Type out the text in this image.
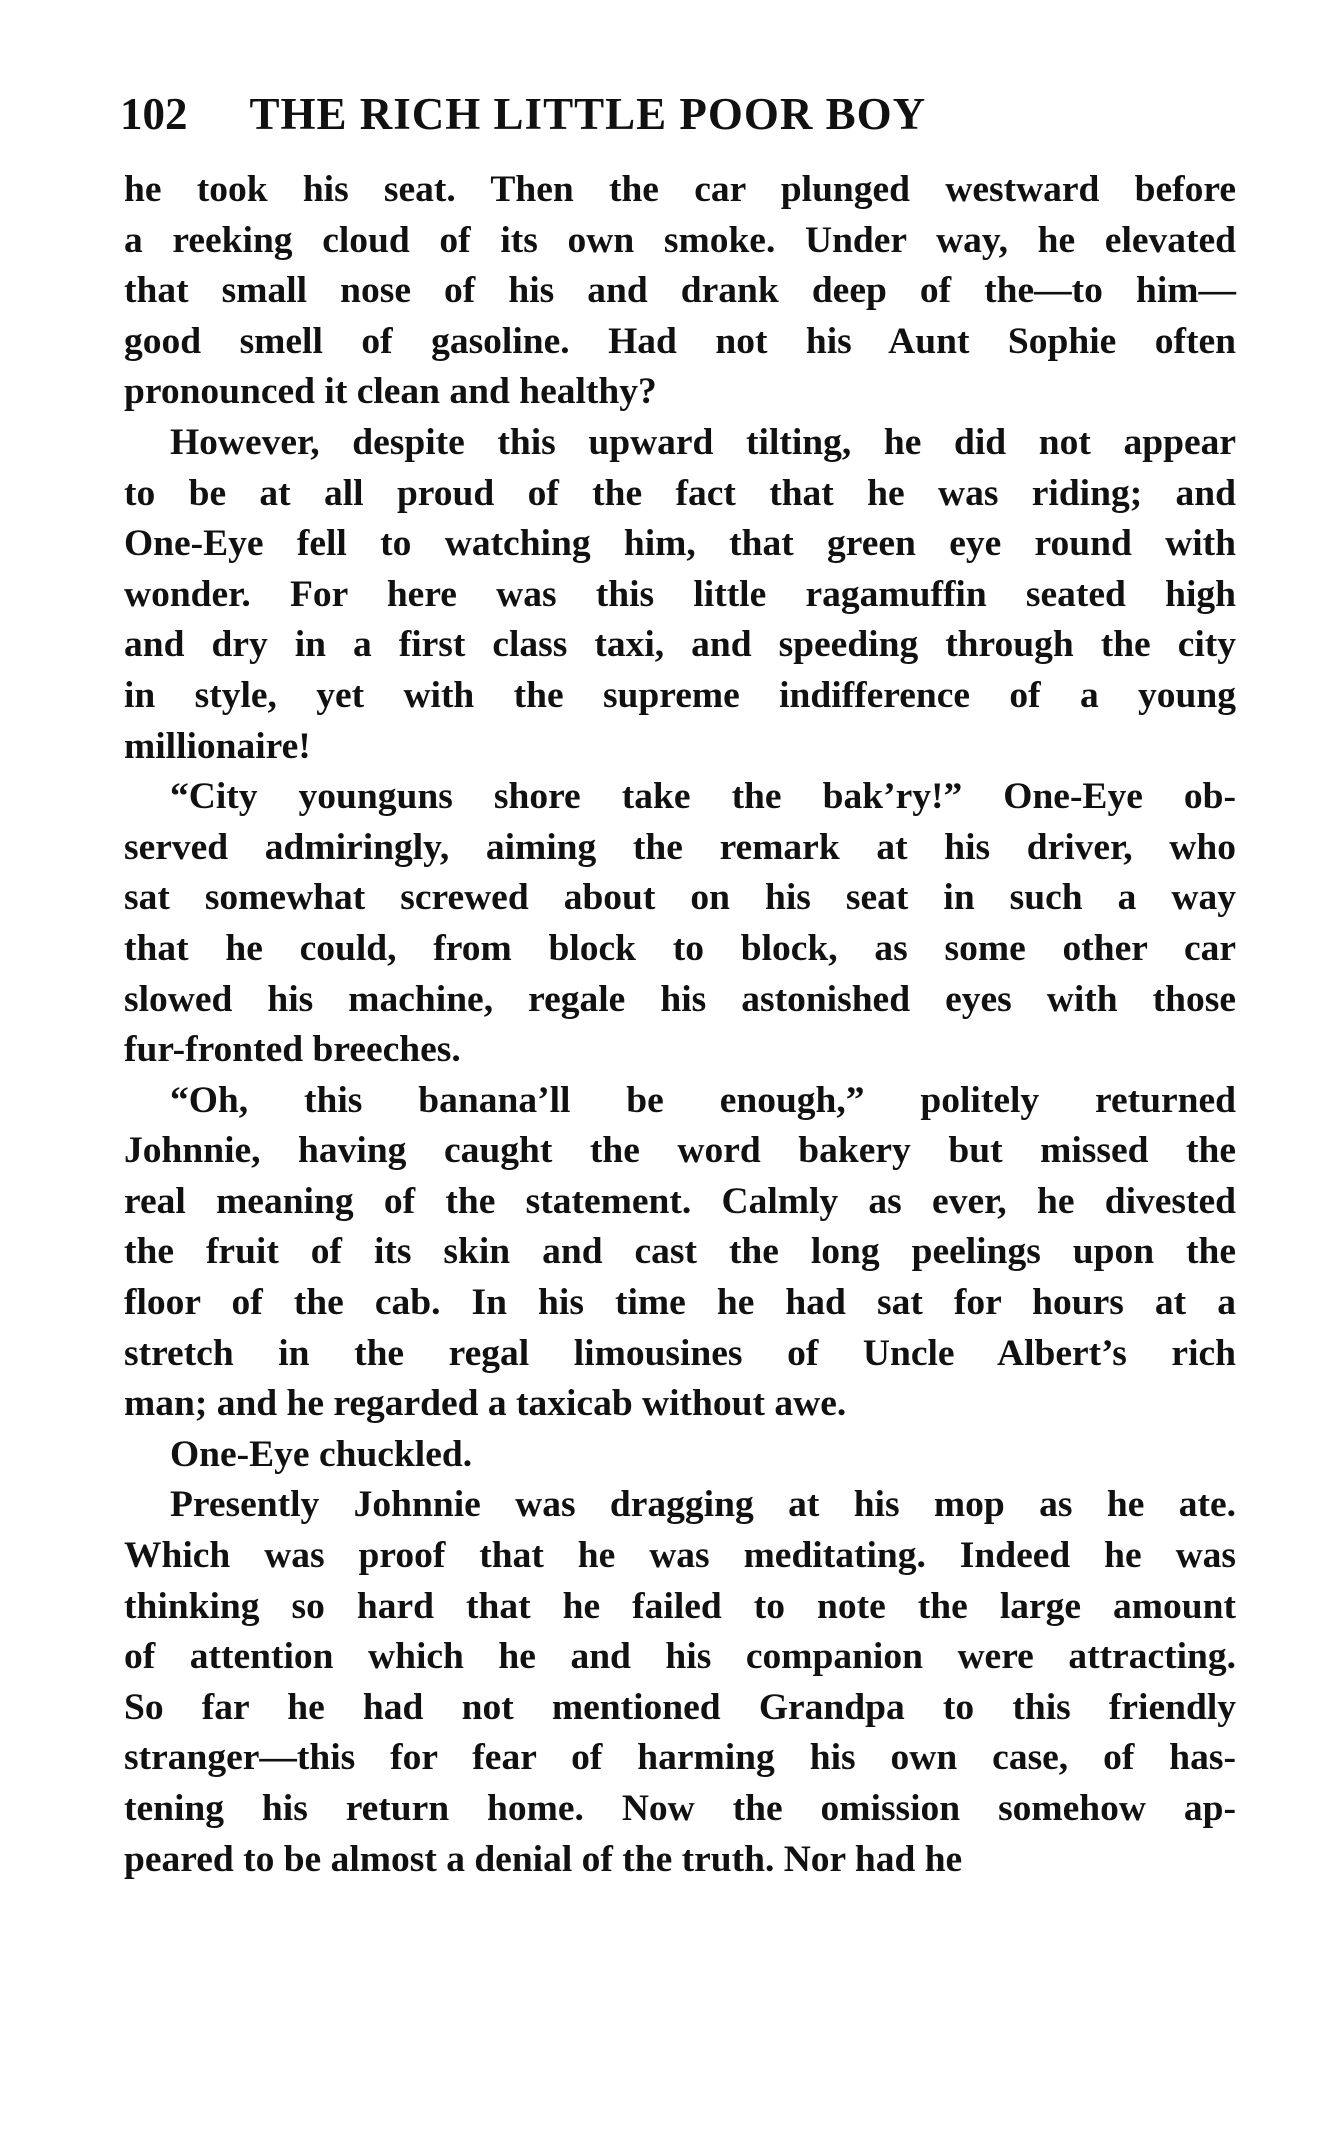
102 THE RICH LITTLE POOR BOY
he took his seat. Then the car plunged westward before
a reeking cloud of its own smoke. Under way, he elevated
that small nose of his and drank deep of the—to him—
good smell of gasoline. Had not his Aunt Sophie often
pronounced it clean and healthy?
However, despite this upward tilting, he did not appear
to be at all proud of the fact that he was riding; and
One-Eye fell to watching him, that green eye round with
wonder. For here was this little ragamuffin seated high
and dry in a first class taxi, and speeding through the city
in style, yet with the supreme indifference of a young
millionaire!
“City younguns shore take the bak’ry!” One-Eye ob-
served admiringly, aiming the remark at his driver, who
sat somewhat screwed about on his seat in such a way
that he could, from block to block, as some other car
slowed his machine, regale his astonished eyes with those
fur-fronted breeches.
“Oh, this banana’ll be enough,” politely returned
Johnnie, having caught the word bakery but missed the
real meaning of the statement. Calmly as ever, he divested
the fruit of its skin and cast the long peelings upon the
floor of the cab. In his time he had sat for hours at a
stretch in the regal limousines of Uncle Albert’s rich
man; and he regarded a taxicab without awe.
One-Eye chuckled.
Presently Johnnie was dragging at his mop as he ate.
Which was proof that he was meditating. Indeed he was
thinking so hard that he failed to note the large amount
of attention which he and his companion were attracting.
So far he had not mentioned Grandpa to this friendly
stranger—this for fear of harming his own case, of has-
tening his return home. Now the omission somehow ap-
peared to be almost a denial of the truth. Nor had he
